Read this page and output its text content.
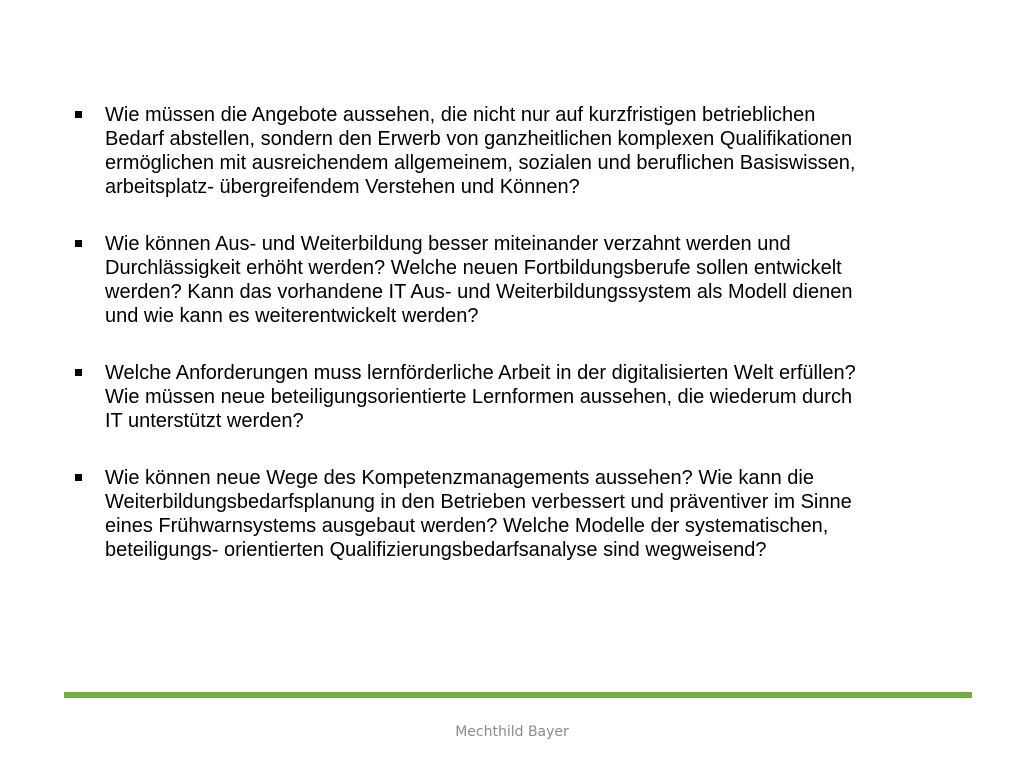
Wie müssen die Angebote aussehen, die nicht nur auf kurzfristigen betrieblichen
Bedarf abstellen, sondern den Erwerb von ganzheitlichen komplexen Qualifikationen
ermöglichen mit ausreichendem allgemeinem, sozialen und beruflichen Basiswissen,
arbeitsplatz- übergreifendem Verstehen und Können?
Wie können Aus- und Weiterbildung besser miteinander verzahnt werden und
Durchlässigkeit erhöht werden? Welche neuen Fortbildungsberufe sollen entwickelt
werden? Kann das vorhandene IT Aus- und Weiterbildungssystem als Modell dienen
und wie kann es weiterentwickelt werden?
Welche Anforderungen muss lernförderliche Arbeit in der digitalisierten Welt erfüllen?
Wie müssen neue beteiligungsorientierte Lernformen aussehen, die wiederum durch
IT unterstützt werden?
Wie können neue Wege des Kompetenzmanagements aussehen? Wie kann die
Weiterbildungsbedarfsplanung in den Betrieben verbessert und präventiver im Sinne
eines Frühwarnsystems ausgebaut werden? Welche Modelle der systematischen,
beteiligungs- orientierten Qualifizierungsbedarfsanalyse sind wegweisend?
Mechthild Bayer
